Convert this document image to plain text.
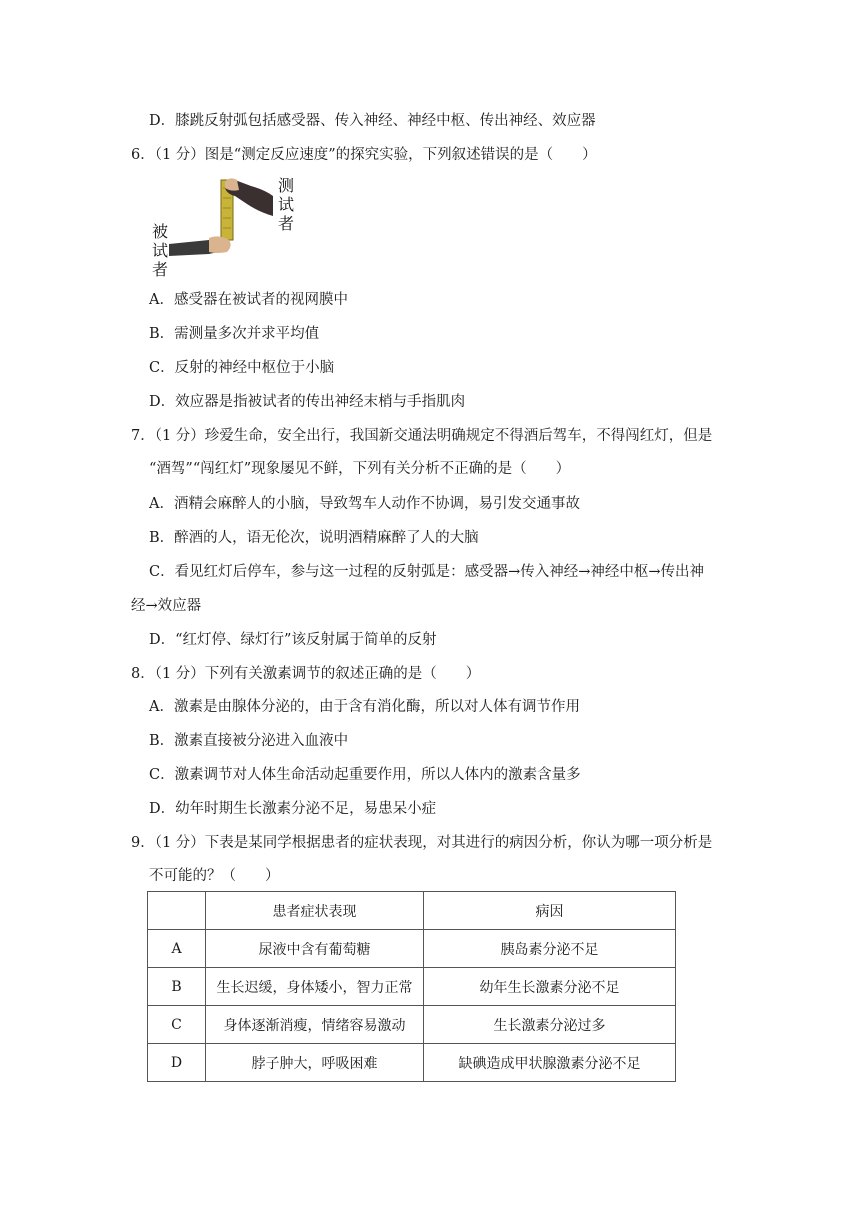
D．膝跳反射弧包括感受器、传入神经、神经中枢、传出神经、效应器
6．（1 分）图是“测定反应速度”的探究实验，下列叙述错误的是（　　）
测
试
者
被
试
者
A．感受器在被试者的视网膜中
B．需测量多次并求平均值
C．反射的神经中枢位于小脑
D．效应器是指被试者的传出神经末梢与手指肌肉
7．（1 分）珍爱生命，安全出行，我国新交通法明确规定不得酒后驾车，不得闯红灯，但是
“酒驾”“闯红灯”现象屡见不鲜，下列有关分析不正确的是（　　）
A．酒精会麻醉人的小脑，导致驾车人动作不协调，易引发交通事故
B．醉酒的人，语无伦次，说明酒精麻醉了人的大脑
C．看见红灯后停车，参与这一过程的反射弧是：感受器→传入神经→神经中枢→传出神
经→效应器
D．“红灯停、绿灯行”该反射属于简单的反射
8．（1 分）下列有关激素调节的叙述正确的是（　　）
A．激素是由腺体分泌的，由于含有消化酶，所以对人体有调节作用
B．激素直接被分泌进入血液中
C．激素调节对人体生命活动起重要作用，所以人体内的激素含量多
D．幼年时期生长激素分泌不足，易患呆小症
9．（1 分）下表是某同学根据患者的症状表现，对其进行的病因分析，你认为哪一项分析是
不可能的？（　　）
	患者症状表现	病因
A	尿液中含有葡萄糖	胰岛素分泌不足
B	生长迟缓，身体矮小，智力正常	幼年生长激素分泌不足
C	身体逐渐消瘦，情绪容易激动	生长激素分泌过多
D	脖子肿大，呼吸困难	缺碘造成甲状腺激素分泌不足
